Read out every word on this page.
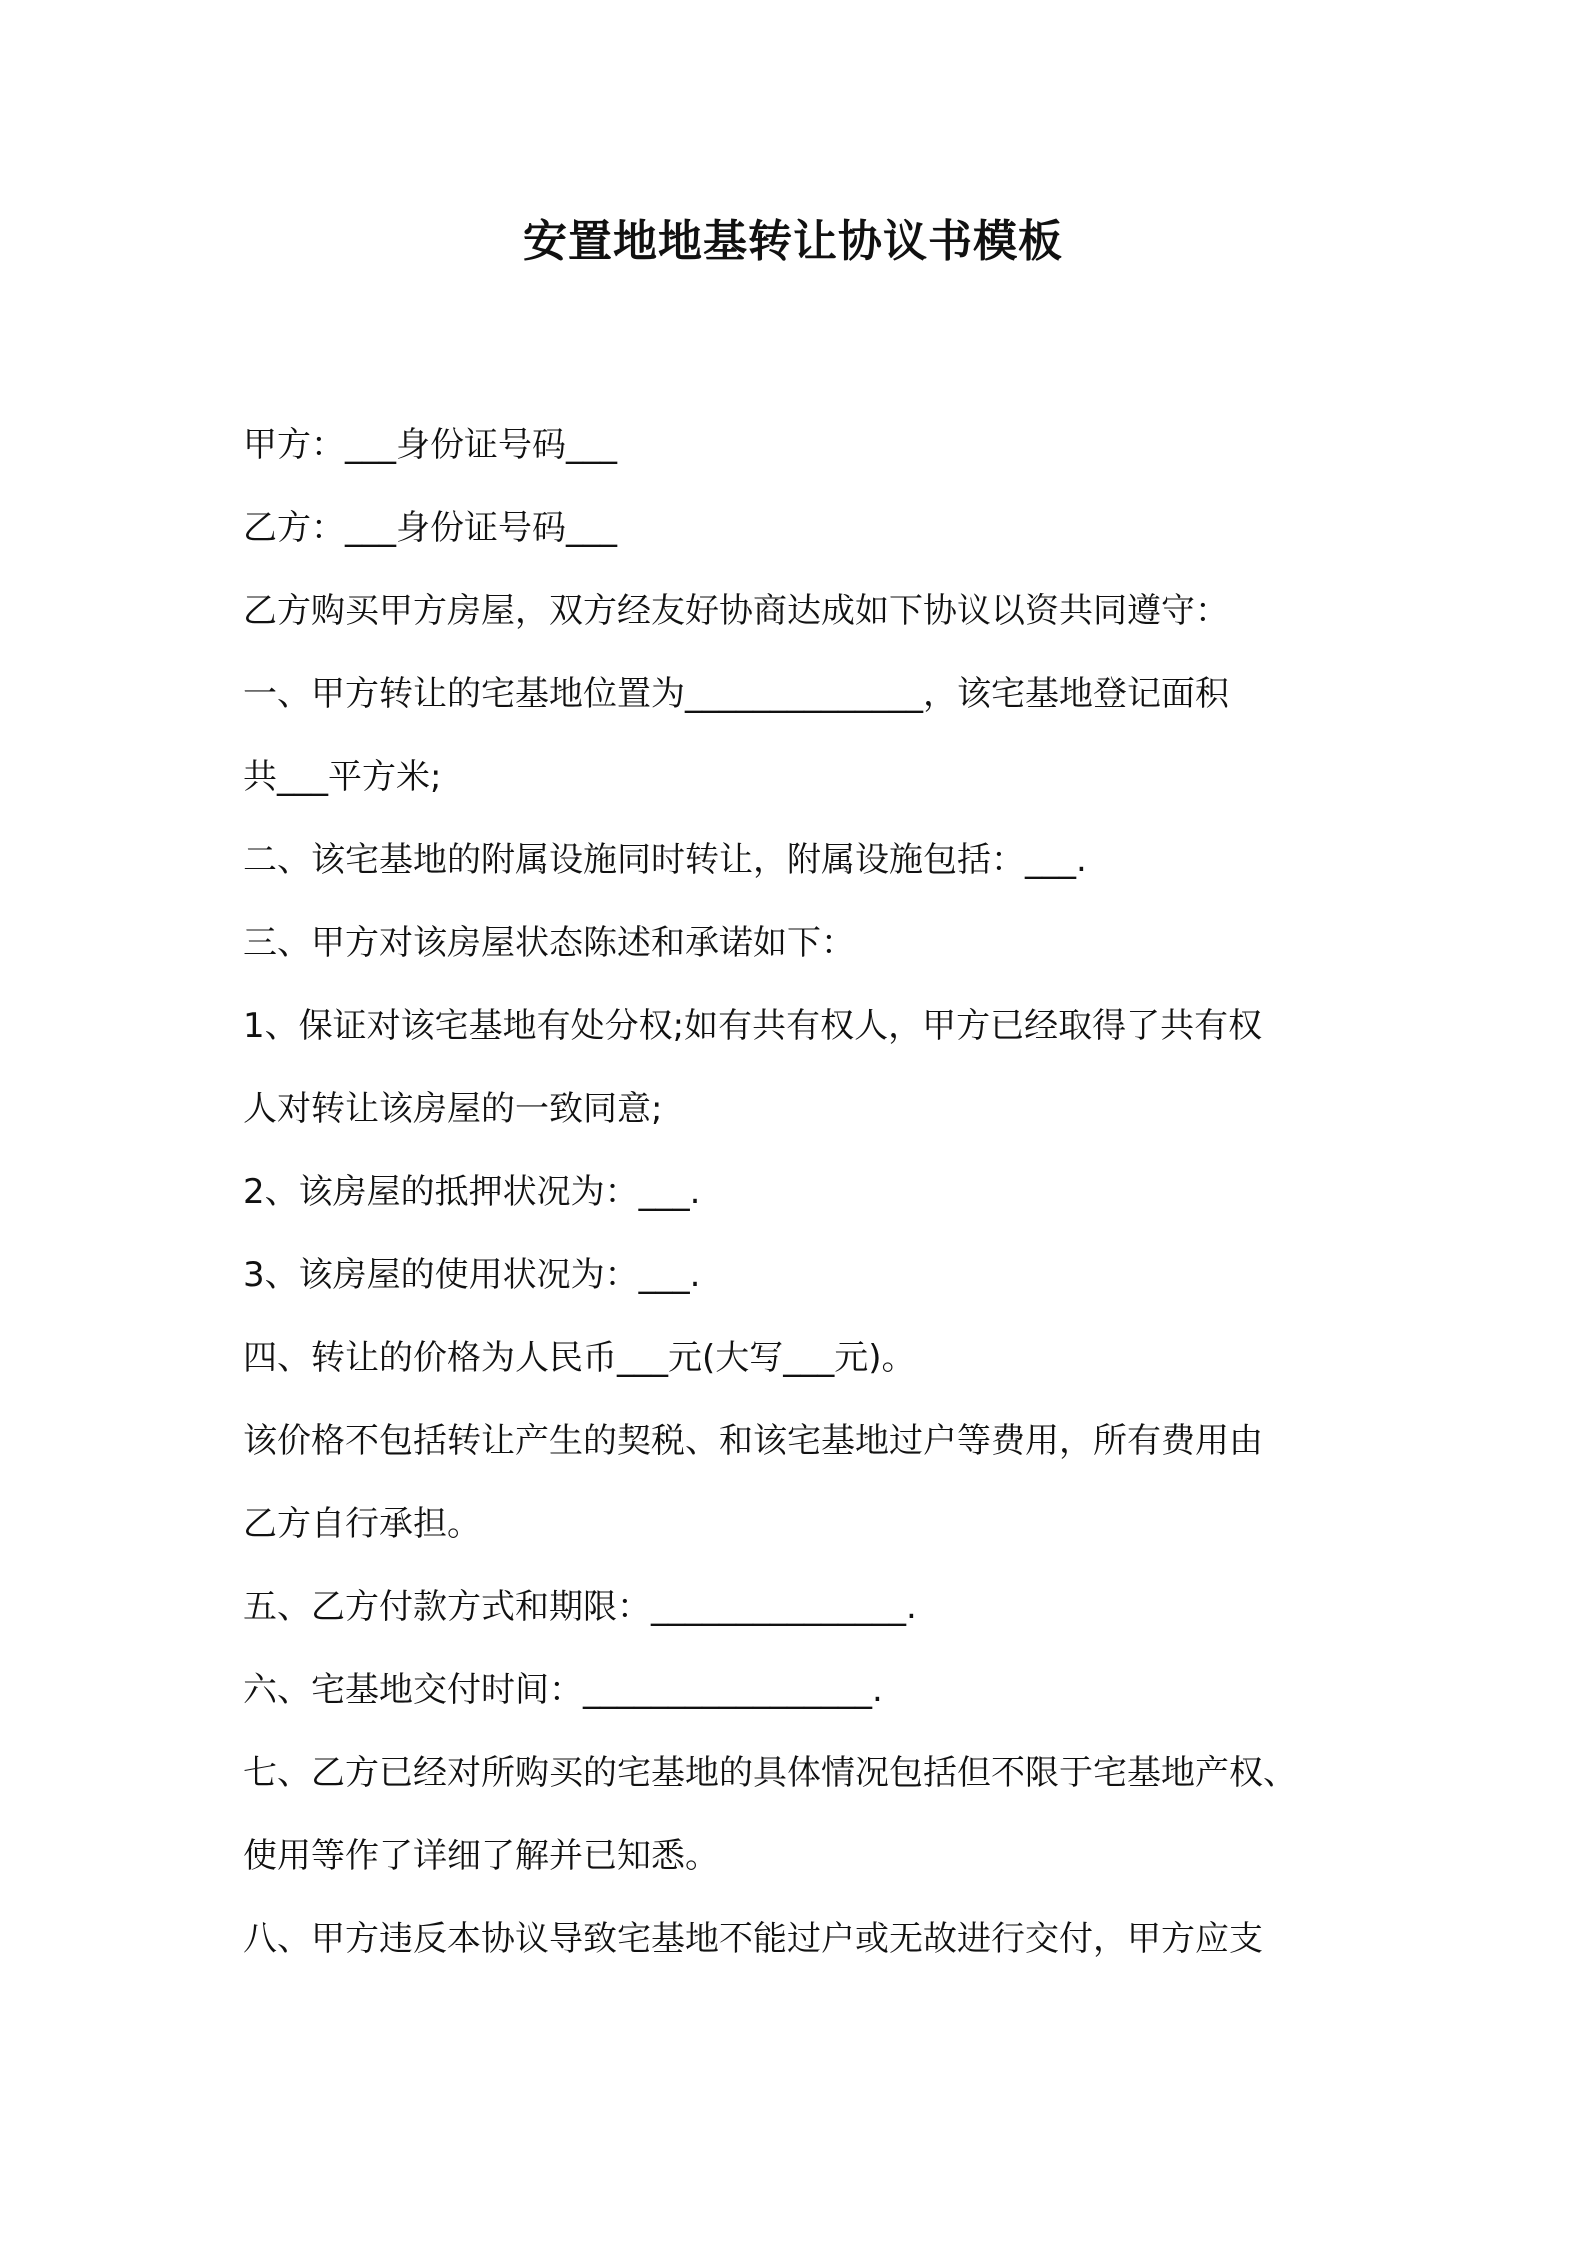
安置地地基转让协议书模板
甲方：___身份证号码___
乙方：___身份证号码___
乙方购买甲方房屋，双方经友好协商达成如下协议以资共同遵守：
一、甲方转让的宅基地位置为______________，该宅基地登记面积
共___平方米;
二、该宅基地的附属设施同时转让，附属设施包括：___.
三、甲方对该房屋状态陈述和承诺如下：
1、保证对该宅基地有处分权;如有共有权人，甲方已经取得了共有权
人对转让该房屋的一致同意;
2、该房屋的抵押状况为：___.
3、该房屋的使用状况为：___.
四、转让的价格为人民币___元(大写___元)。
该价格不包括转让产生的契税、和该宅基地过户等费用，所有费用由
乙方自行承担。
五、乙方付款方式和期限：_______________.
六、宅基地交付时间：_________________.
七、乙方已经对所购买的宅基地的具体情况包括但不限于宅基地产权、
使用等作了详细了解并已知悉。
八、甲方违反本协议导致宅基地不能过户或无故进行交付，甲方应支
